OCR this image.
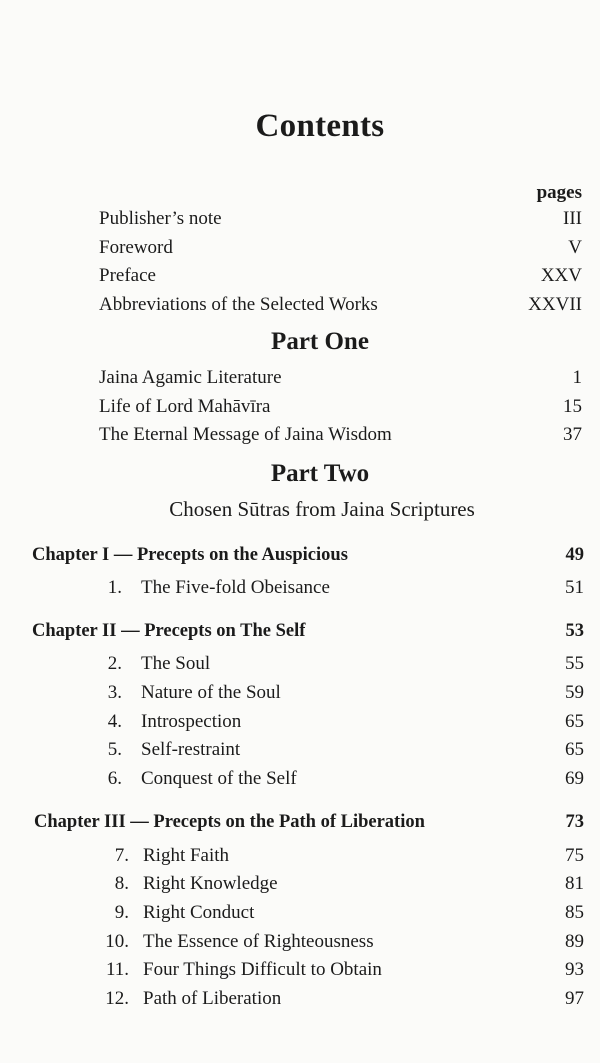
Contents
pages
Publisher’s note	III
Foreword	V
Preface	XXV
Abbreviations of the Selected Works	XXVII
Part One
Jaina Agamic Literature	1
Life of Lord Mahāvīra	15
The Eternal Message of Jaina Wisdom	37
Part Two
Chosen Sūtras from Jaina Scriptures
Chapter I — Precepts on the Auspicious	49
1. The Five-fold Obeisance	51
Chapter II — Precepts on The Self	53
2. The Soul	55
3. Nature of the Soul	59
4. Introspection	65
5. Self-restraint	65
6. Conquest of the Self	69
Chapter III — Precepts on the Path of Liberation	73
7. Right Faith	75
8. Right Knowledge	81
9. Right Conduct	85
10. The Essence of Righteousness	89
11. Four Things Difficult to Obtain	93
12. Path of Liberation	97
